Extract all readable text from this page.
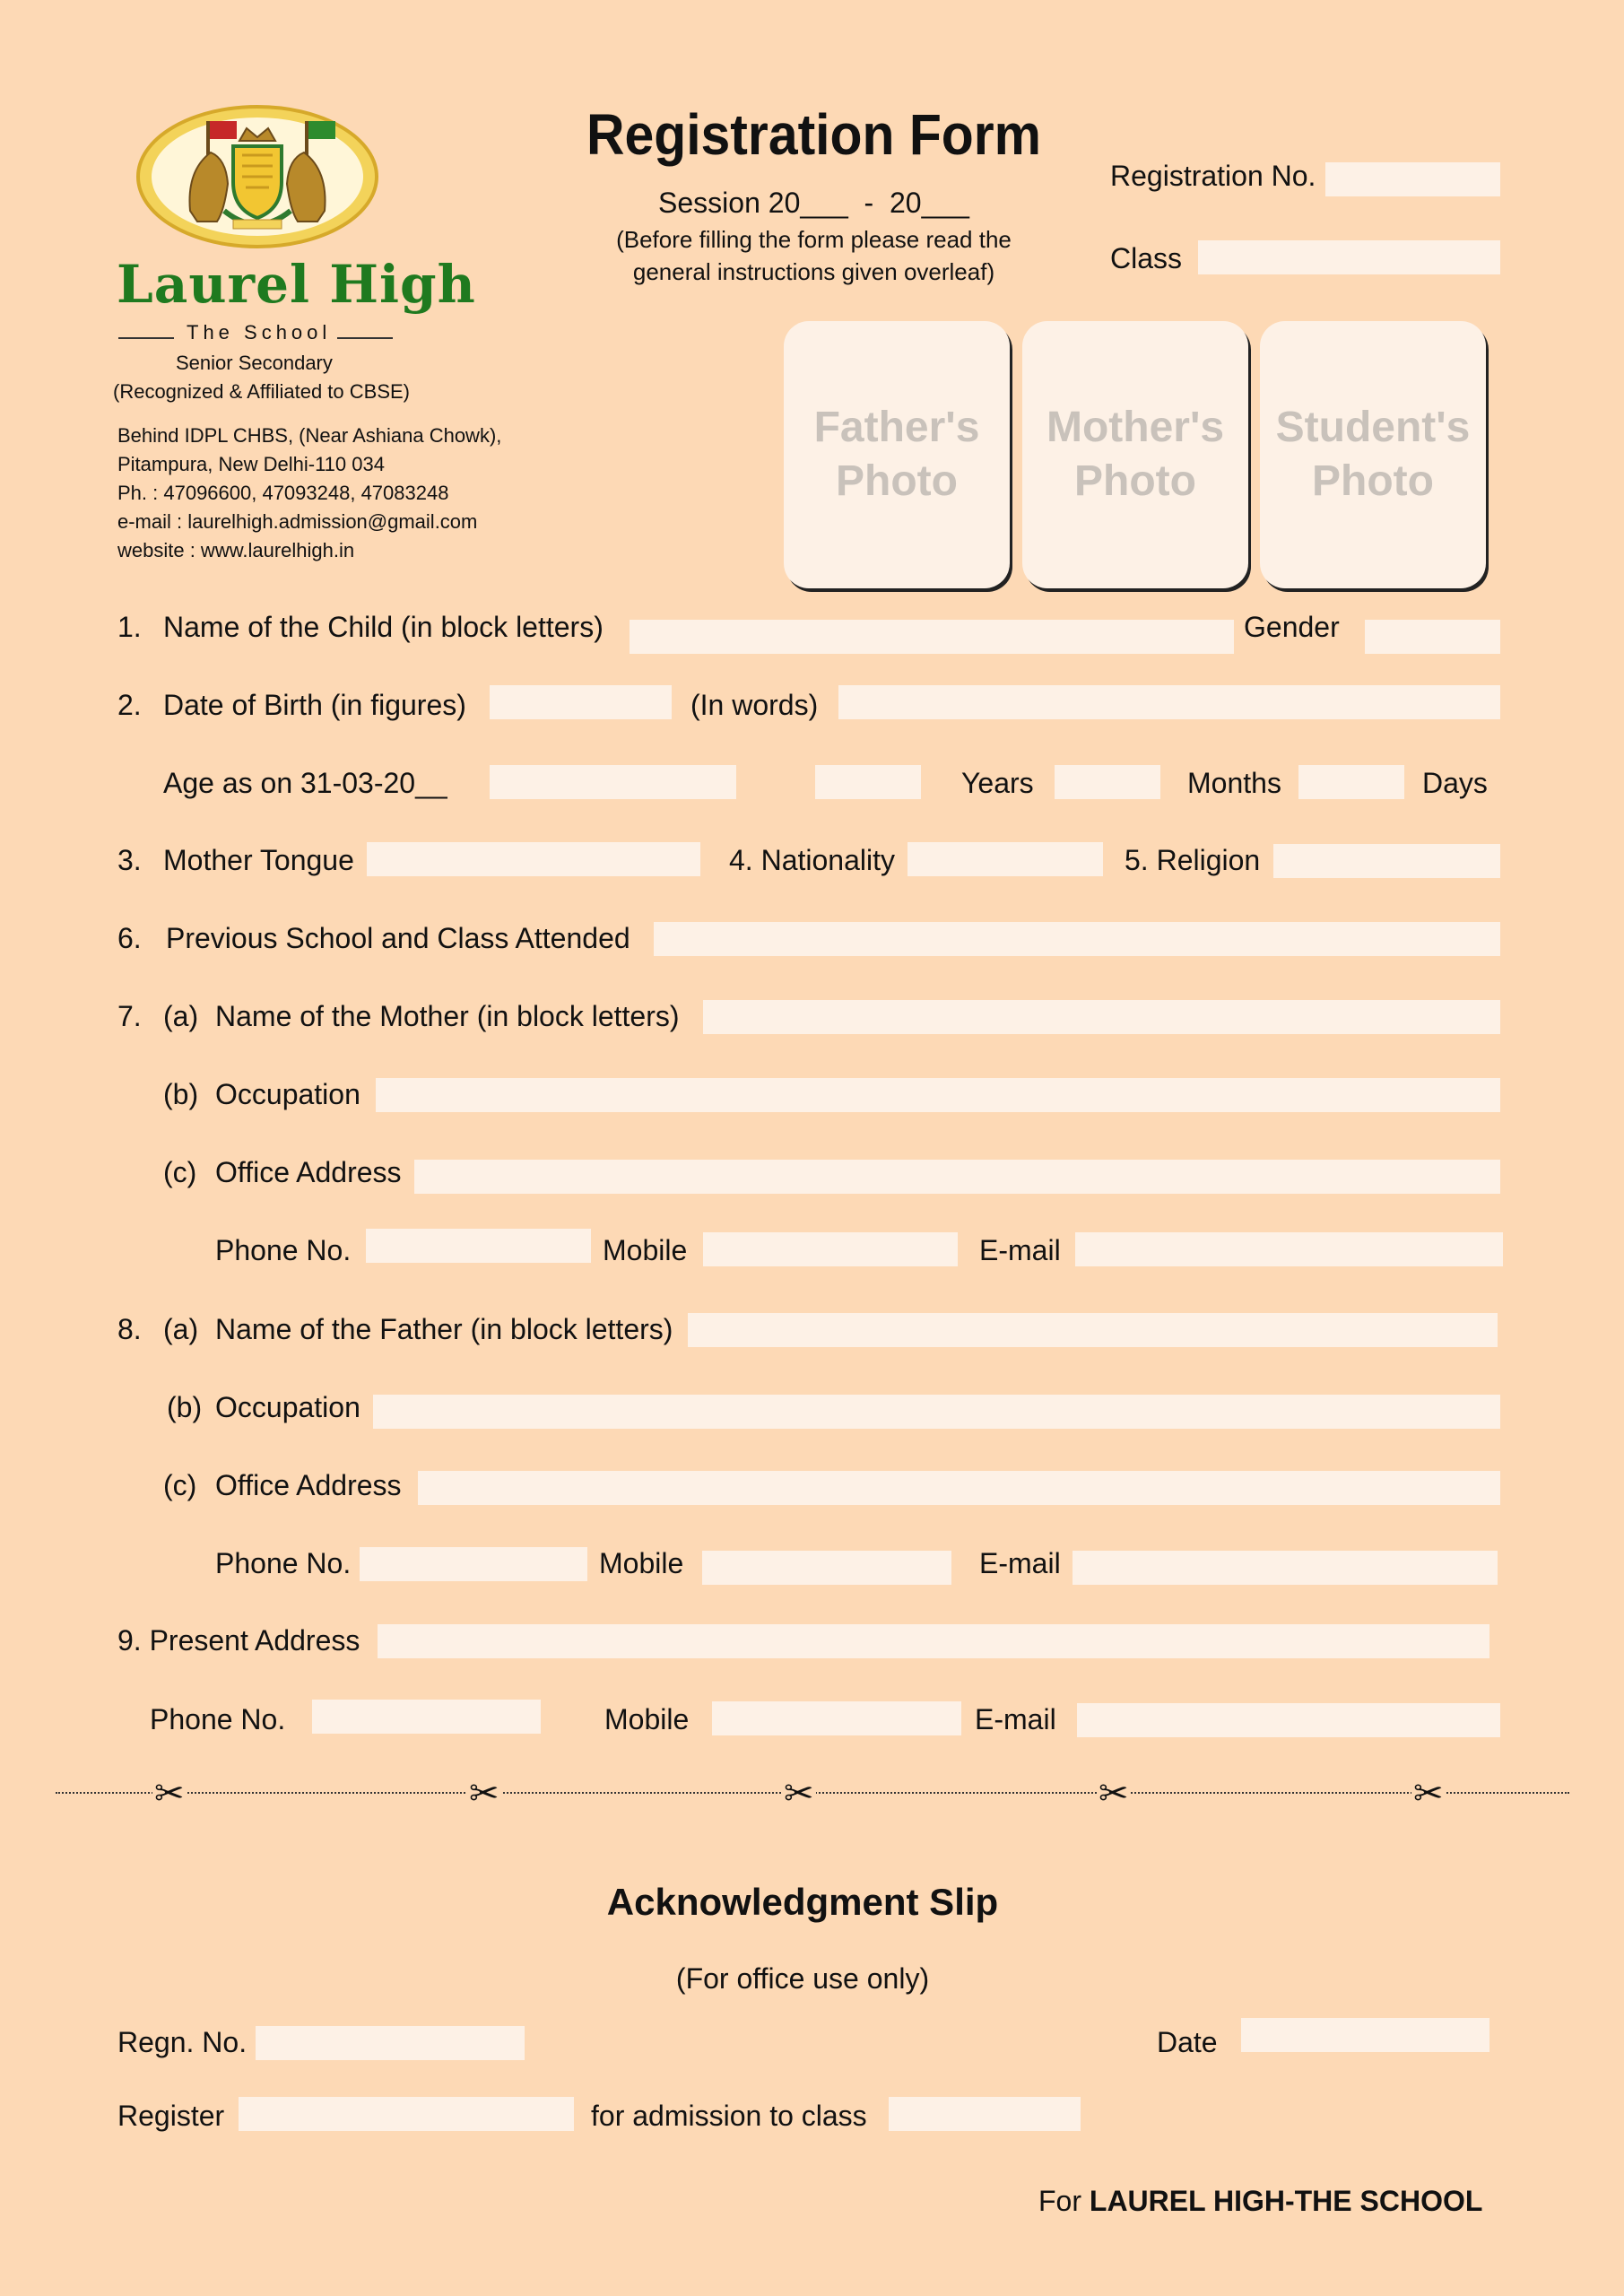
Laurel High
The School
Senior Secondary
(Recognized & Affiliated to CBSE)
Behind IDPL CHBS, (Near Ashiana Chowk),
Pitampura, New Delhi-110 034
Ph. : 47096600, 47093248, 47083248
e-mail : laurelhigh.admission@gmail.com
website : www.laurelhigh.in
Registration Form
Session 20___  -  20___
(Before filling the form please read the
general instructions given overleaf)
Registration No.
Class
Father's
Photo
Mother's
Photo
Student's
Photo
1. Name of the Child (in block letters)	Gender
2. Date of Birth (in figures)	(In words)
Age as on 31-03-20__	Years	Months	Days
3. Mother Tongue	4. Nationality	5. Religion
6. Previous School and Class Attended
7. (a) Name of the Mother (in block letters)
(b) Occupation
(c) Office Address
Phone No.	Mobile	E-mail
8. (a) Name of the Father (in block letters)
(b) Occupation
(c) Office Address
Phone No.	Mobile	E-mail
9. Present Address
Phone No.	Mobile	E-mail
✂	✂	✂	✂	✂
Acknowledgment Slip
(For office use only)
Regn. No.	Date
Register	for admission to class
For LAUREL HIGH-THE SCHOOL
